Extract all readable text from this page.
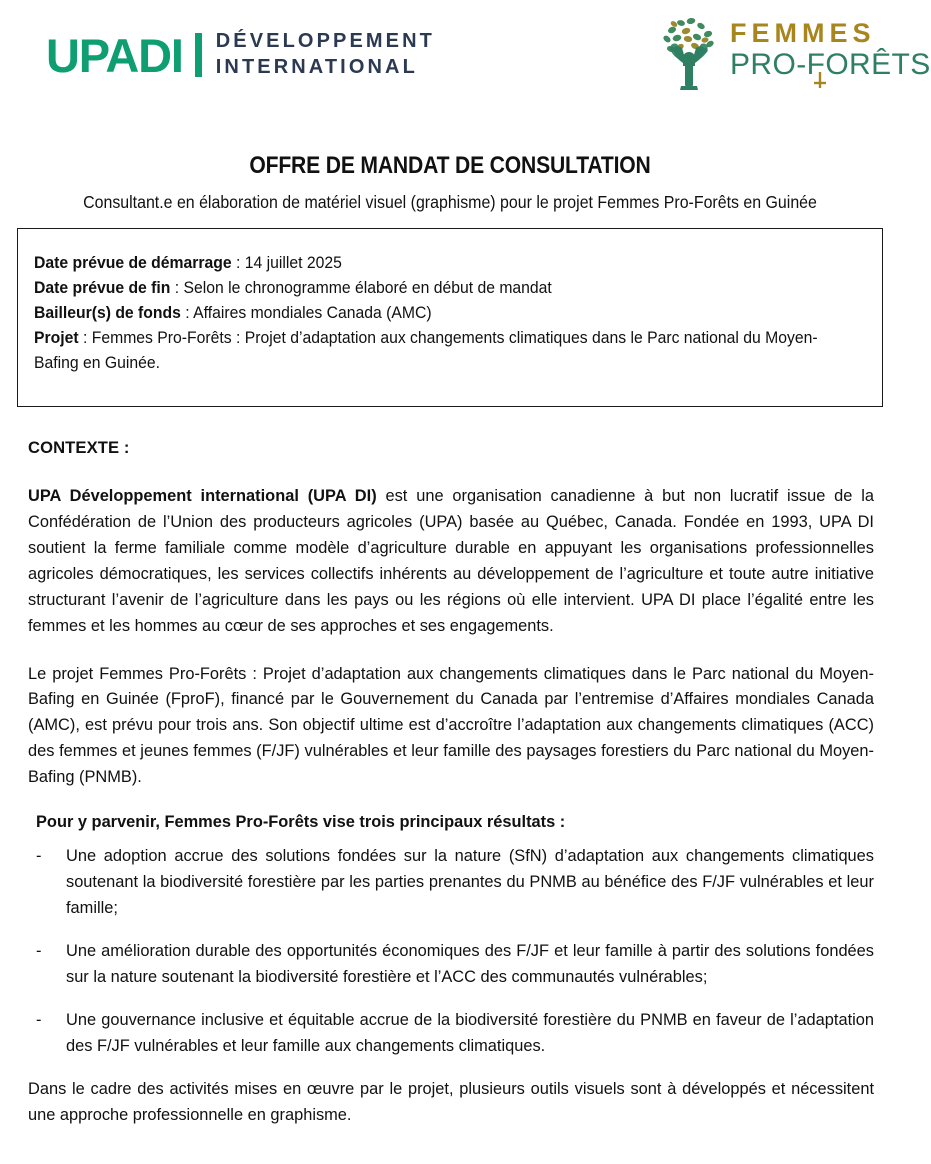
UPADI DÉVELOPPEMENT
INTERNATIONAL
FEMMES
PRO-FORÊTS
OFFRE DE MANDAT DE CONSULTATION
Consultant.e en élaboration de matériel visuel (graphisme) pour le projet Femmes Pro-Forêts en Guinée
Date prévue de démarrage : 14 juillet 2025
Date prévue de fin : Selon le chronogramme élaboré en début de mandat
Bailleur(s) de fonds : Affaires mondiales Canada (AMC)
Projet : Femmes Pro-Forêts : Projet d’adaptation aux changements climatiques dans le Parc national du Moyen-Bafing en Guinée.
CONTEXTE :

UPA Développement international (UPA DI) est une organisation canadienne à but non lucratif issue de la Confédération de l’Union des producteurs agricoles (UPA) basée au Québec, Canada. Fondée en 1993, UPA DI soutient la ferme familiale comme modèle d’agriculture durable en appuyant les organisations professionnelles agricoles démocratiques, les services collectifs inhérents au développement de l’agriculture et toute autre initiative structurant l’avenir de l’agriculture dans les pays ou les régions où elle intervient. UPA DI place l’égalité entre les femmes et les hommes au cœur de ses approches et ses engagements.

Le projet Femmes Pro-Forêts : Projet d’adaptation aux changements climatiques dans le Parc national du Moyen-Bafing en Guinée (FproF), financé par le Gouvernement du Canada par l’entremise d’Affaires mondiales Canada (AMC), est prévu pour trois ans. Son objectif ultime est d’accroître l’adaptation aux changements climatiques (ACC) des femmes et jeunes femmes (F/JF) vulnérables et leur famille des paysages forestiers du Parc national du Moyen-Bafing (PNMB).

Pour y parvenir, Femmes Pro-Forêts vise trois principaux résultats :
- Une adoption accrue des solutions fondées sur la nature (SfN) d’adaptation aux changements climatiques soutenant la biodiversité forestière par les parties prenantes du PNMB au bénéfice des F/JF vulnérables et leur famille;
- Une amélioration durable des opportunités économiques des F/JF et leur famille à partir des solutions fondées sur la nature soutenant la biodiversité forestière et l’ACC des communautés vulnérables;
- Une gouvernance inclusive et équitable accrue de la biodiversité forestière du PNMB en faveur de l’adaptation des F/JF vulnérables et leur famille aux changements climatiques.

Dans le cadre des activités mises en œuvre par le projet, plusieurs outils visuels sont à développés et nécessitent une approche professionnelle en graphisme.
